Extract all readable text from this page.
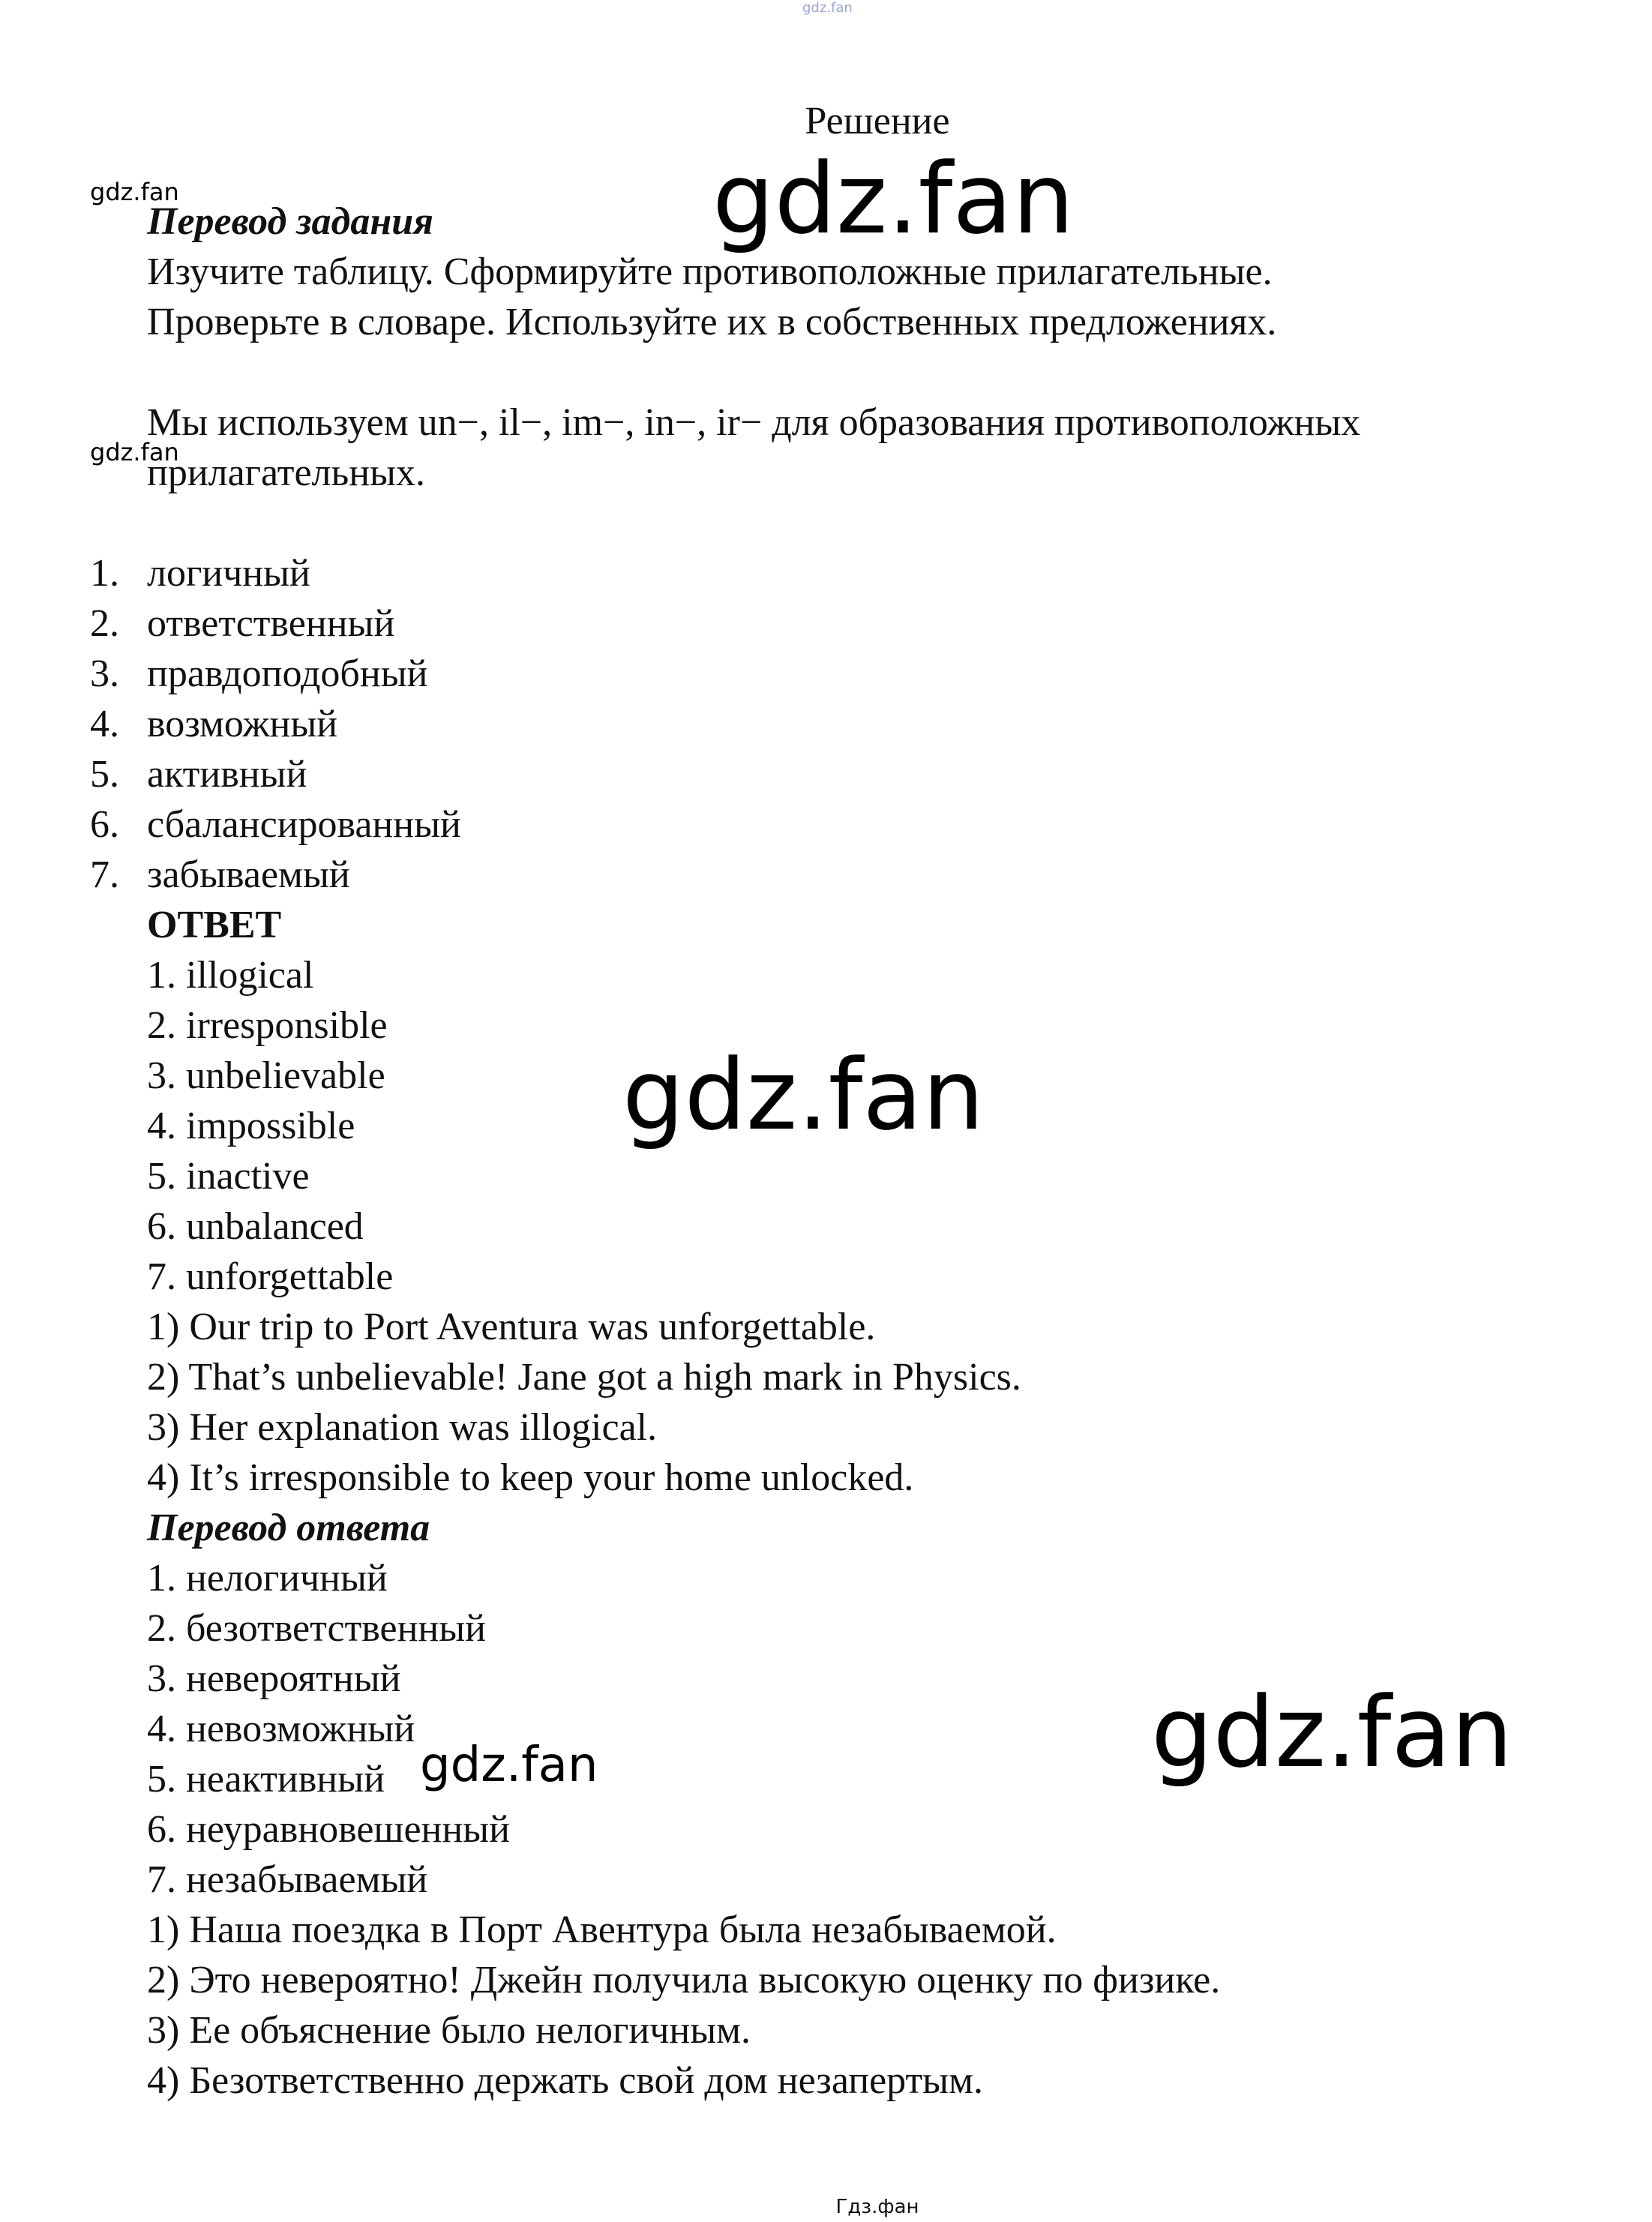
gdz.fan
Решение
gdz.fan	gdz.fan
gdz.fan
gdz.fan
gdz.fan
gdz.fan
Перевод задания
Изучите таблицу. Сформируйте противоположные прилагательные.
Проверьте в словаре. Используйте их в собственных предложениях.
Мы используем un−, il−, im−, in−, ir− для образования противоположных
прилагательных.
1. логичный
2. ответственный
3. правдоподобный
4. возможный
5. активный
6. сбалансированный
7. забываемый
ОТВЕТ
1. illogical
2. irresponsible
3. unbelievable
4. impossible
5. inactive
6. unbalanced
7. unforgettable
1) Our trip to Port Aventura was unforgettable.
2) That’s unbelievable! Jane got a high mark in Physics.
3) Her explanation was illogical.
4) It’s irresponsible to keep your home unlocked.
Перевод ответа
1. нелогичный
2. безответственный
3. невероятный
4. невозможный
5. неактивный
6. неуравновешенный
7. незабываемый
1) Наша поездка в Порт Авентура была незабываемой.
2) Это невероятно! Джейн получила высокую оценку по физике.
3) Ее объяснение было нелогичным.
4) Безответственно держать свой дом незапертым.
Гдз.фан
